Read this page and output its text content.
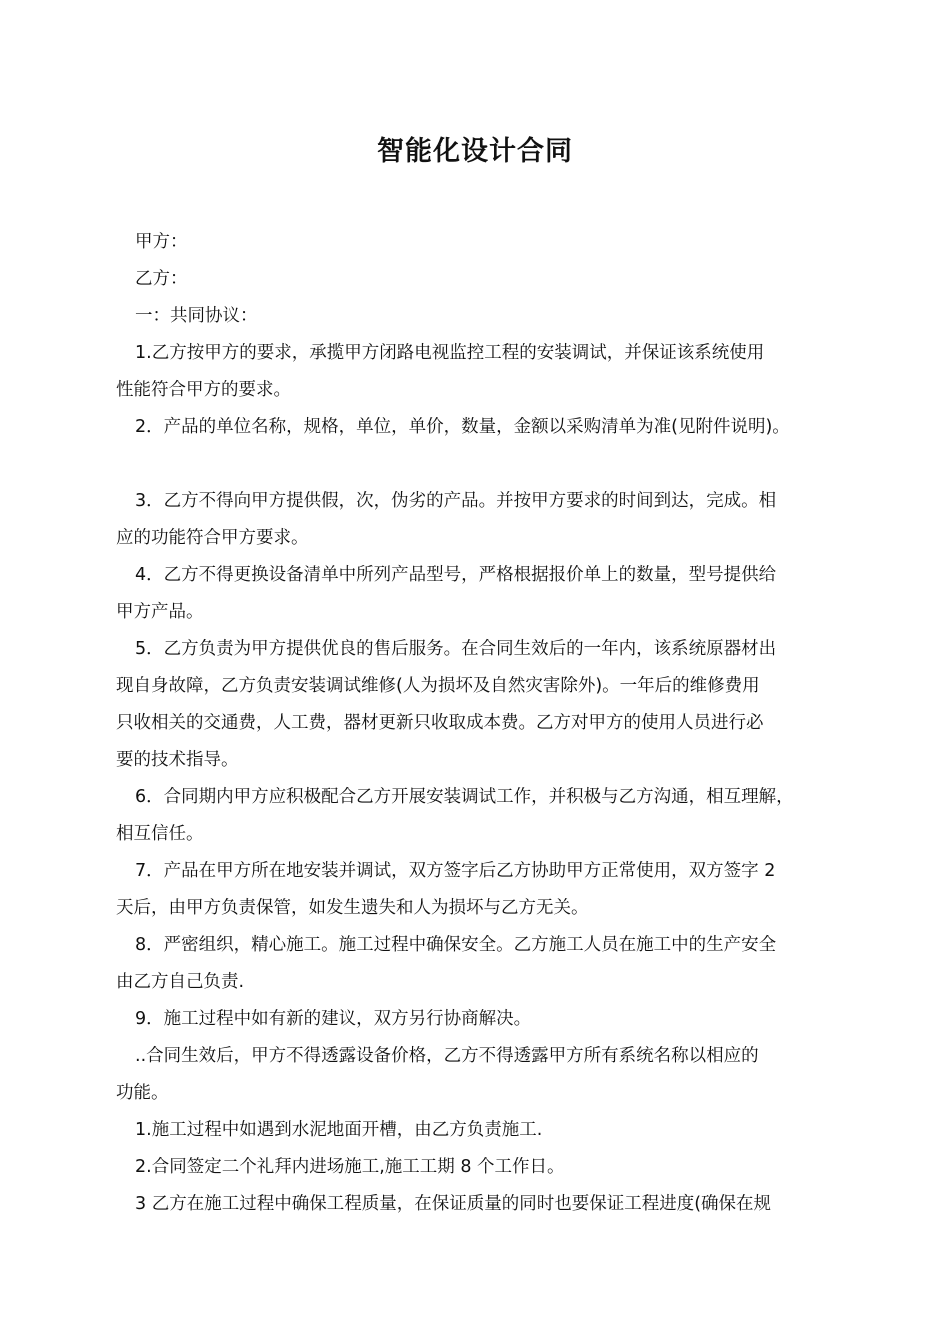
智能化设计合同

甲方：

乙方：

一：共同协议：

1.乙方按甲方的要求，承揽甲方闭路电视监控工程的安装调试，并保证该系统使用

性能符合甲方的要求。

2．产品的单位名称，规格，单位，单价，数量，金额以采购清单为准(见附件说明)。

3．乙方不得向甲方提供假，次，伪劣的产品。并按甲方要求的时间到达，完成。相

应的功能符合甲方要求。

4．乙方不得更换设备清单中所列产品型号，严格根据报价单上的数量，型号提供给

甲方产品。

5．乙方负责为甲方提供优良的售后服务。在合同生效后的一年内，该系统原器材出

现自身故障，乙方负责安装调试维修(人为损坏及自然灾害除外)。一年后的维修费用

只收相关的交通费，人工费，器材更新只收取成本费。乙方对甲方的使用人员进行必

要的技术指导。

6．合同期内甲方应积极配合乙方开展安装调试工作，并积极与乙方沟通，相互理解，

相互信任。

7．产品在甲方所在地安装并调试，双方签字后乙方协助甲方正常使用，双方签字 2

天后，由甲方负责保管，如发生遗失和人为损坏与乙方无关。

8．严密组织，精心施工。施工过程中确保安全。乙方施工人员在施工中的生产安全

由乙方自己负责.

9．施工过程中如有新的建议，双方另行协商解决。

..合同生效后，甲方不得透露设备价格，乙方不得透露甲方所有系统名称以相应的

功能。

1.施工过程中如遇到水泥地面开槽，由乙方负责施工.

2.合同签定二个礼拜内进场施工,施工工期 8 个工作日。

3 乙方在施工过程中确保工程质量，在保证质量的同时也要保证工程进度(确保在规
